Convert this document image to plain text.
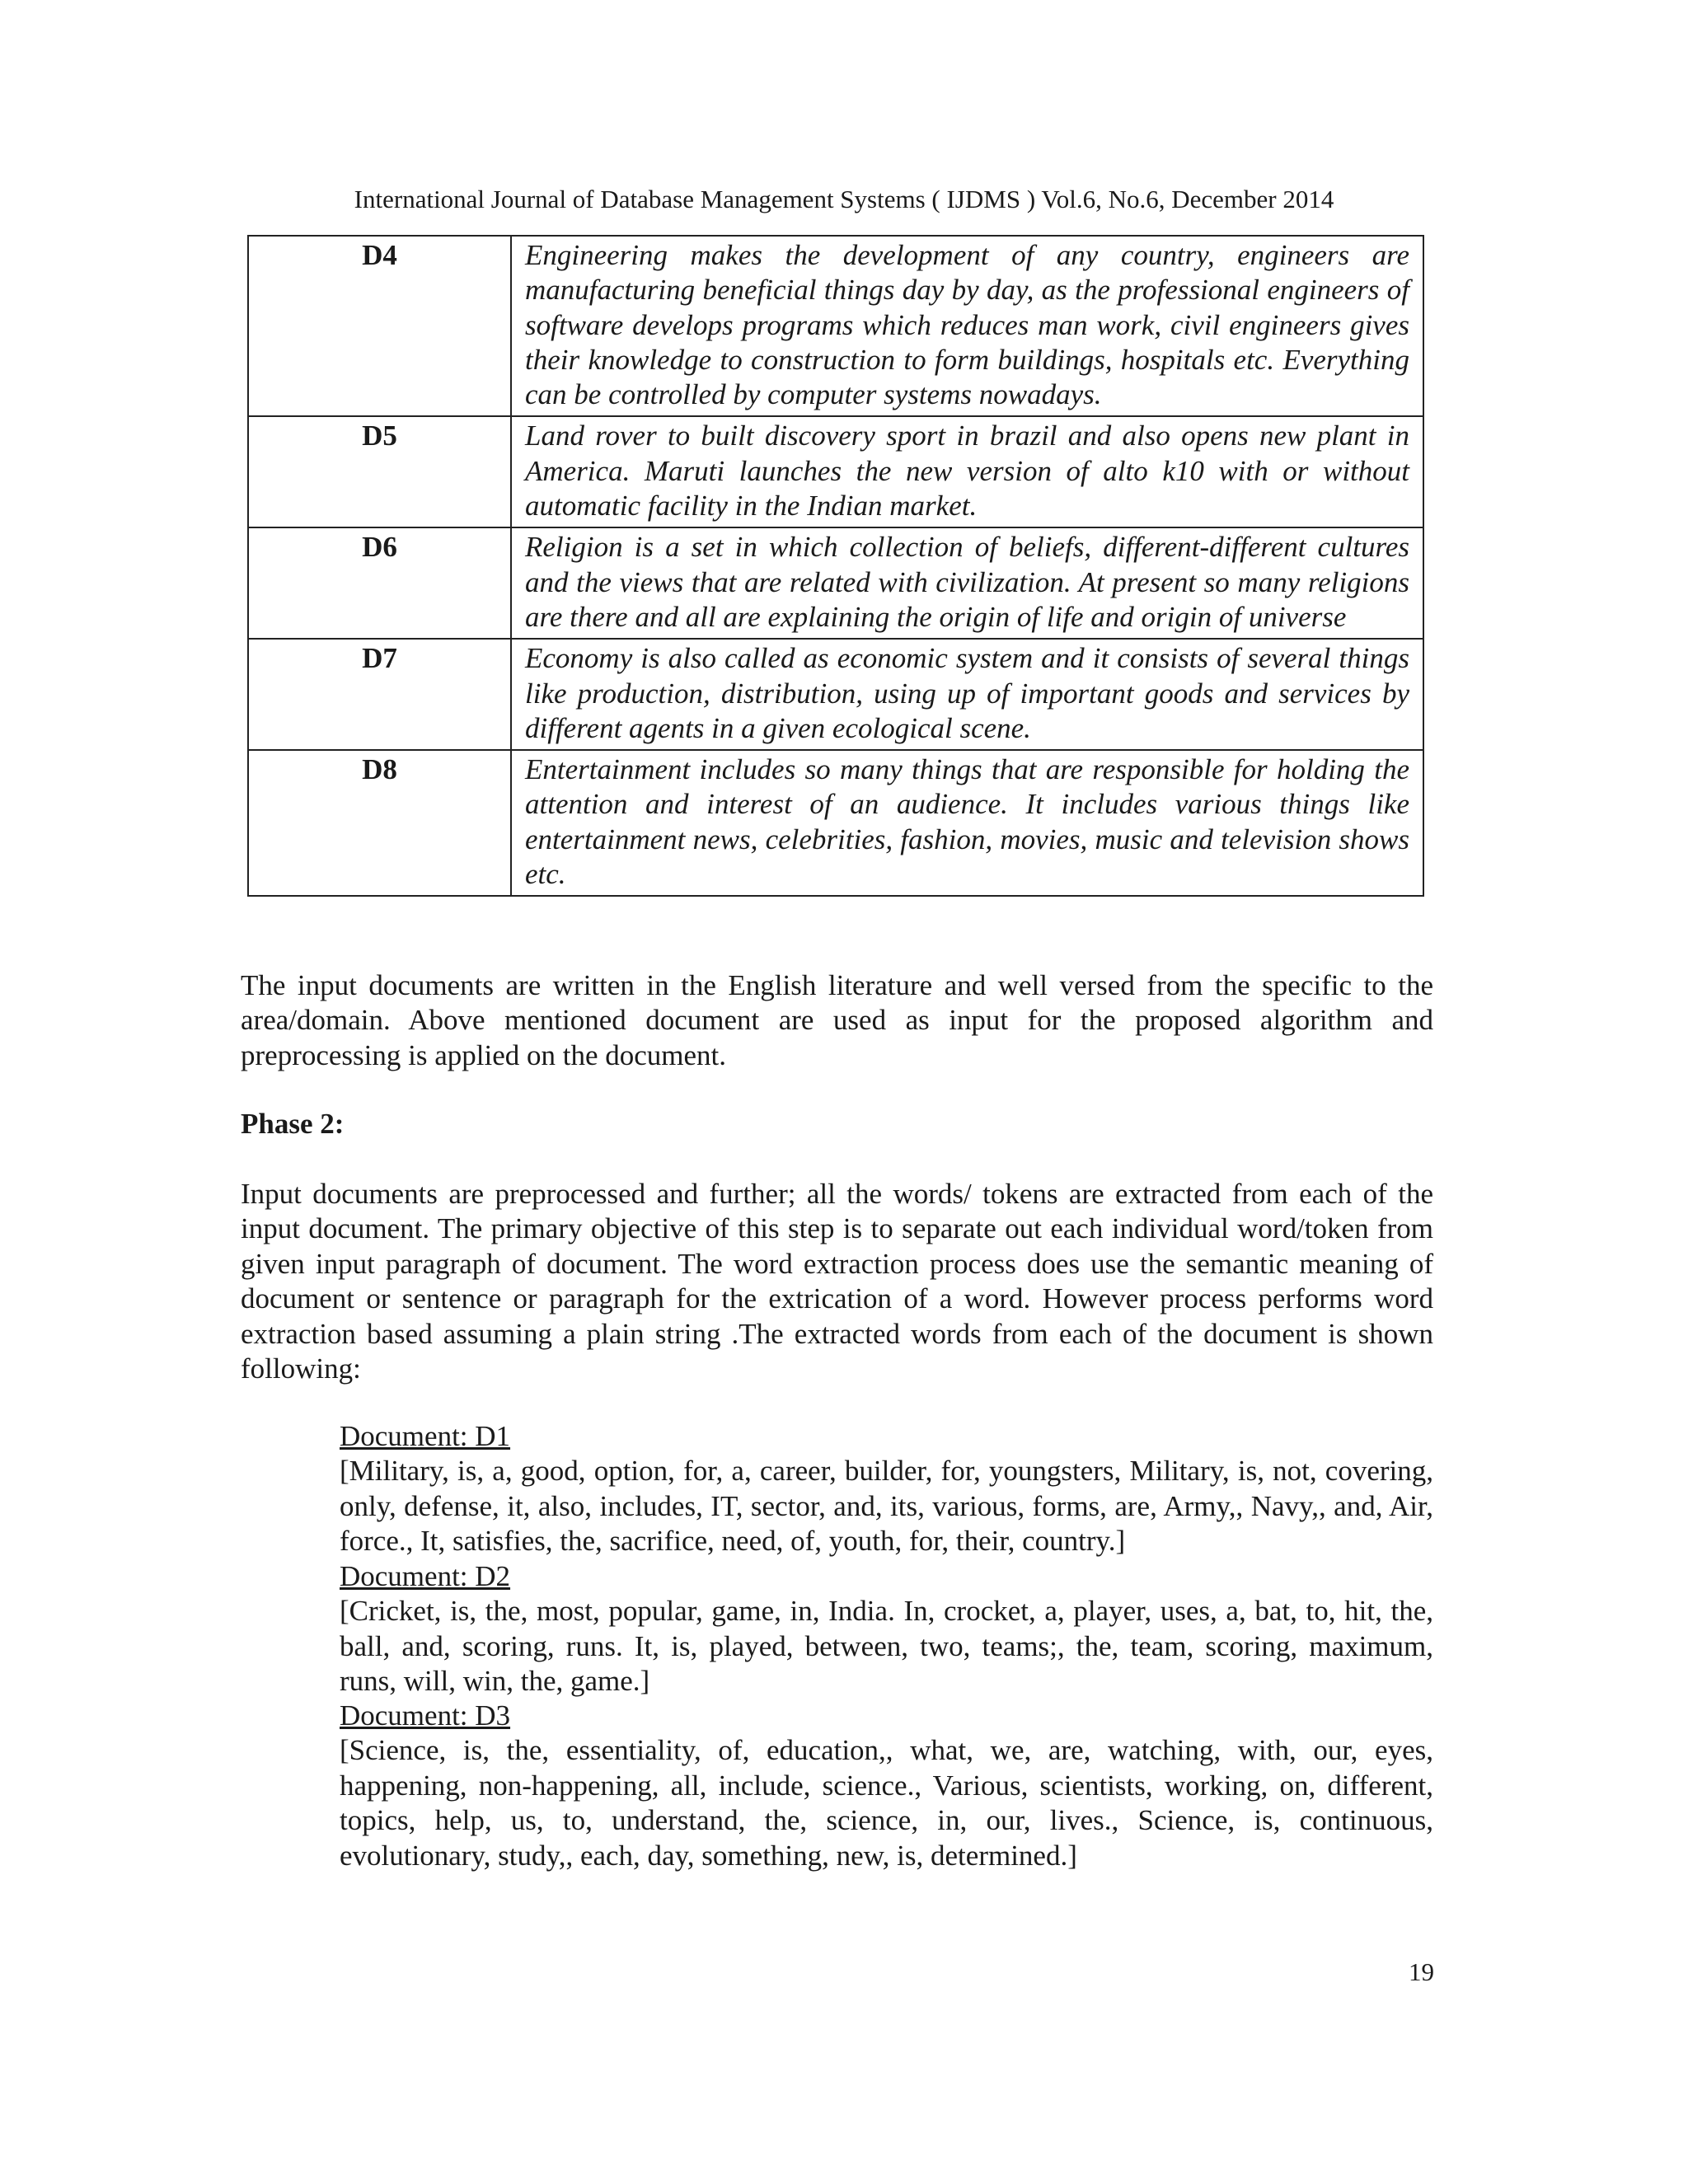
International Journal of Database Management Systems ( IJDMS ) Vol.6, No.6, December 2014
D4	Engineering makes the development of any country, engineers are manufacturing beneficial things day by day, as the professional engineers of software develops programs which reduces man work, civil engineers gives their knowledge to construction to form buildings, hospitals etc. Everything can be controlled by computer systems nowadays.
D5	Land rover to built discovery sport in brazil and also opens new plant in America. Maruti launches the new version of alto k10 with or without automatic facility in the Indian market.
D6	Religion is a set in which collection of beliefs, different-different cultures and the views that are related with civilization. At present so many religions are there and all are explaining the origin of life and origin of universe
D7	Economy is also called as economic system and it consists of several things like production, distribution, using up of important goods and services by different agents in a given ecological scene.
D8	Entertainment includes so many things that are responsible for holding the attention and interest of an audience. It includes various things like entertainment news, celebrities, fashion, movies, music and television shows etc.

The input documents are written in the English literature and well versed from the specific to the area/domain. Above mentioned document are used as input for the proposed algorithm and preprocessing is applied on the document.

Phase 2:

Input documents are preprocessed and further; all the words/ tokens are extracted from each of the input document. The primary objective of this step is to separate out each individual word/token from given input paragraph of document. The word extraction process does use the semantic meaning of document or sentence or paragraph for the extrication of a word. However process performs word extraction based assuming a plain string .The extracted words from each of the document is shown following:

Document: D1
[Military, is, a, good, option, for, a, career, builder, for, youngsters, Military, is, not, covering, only, defense, it, also, includes, IT, sector, and, its, various, forms, are, Army,, Navy,, and, Air, force., It, satisfies, the, sacrifice, need, of, youth, for, their, country.]
Document: D2
[Cricket, is, the, most, popular, game, in, India. In, crocket, a, player, uses, a, bat, to, hit, the, ball, and, scoring, runs. It, is, played, between, two, teams;, the, team, scoring, maximum, runs, will, win, the, game.]
Document: D3
[Science, is, the, essentiality, of, education,, what, we, are, watching, with, our, eyes, happening, non-happening, all, include, science., Various, scientists, working, on, different, topics, help, us, to, understand, the, science, in, our, lives., Science, is, continuous, evolutionary, study,, each, day, something, new, is, determined.]
19
